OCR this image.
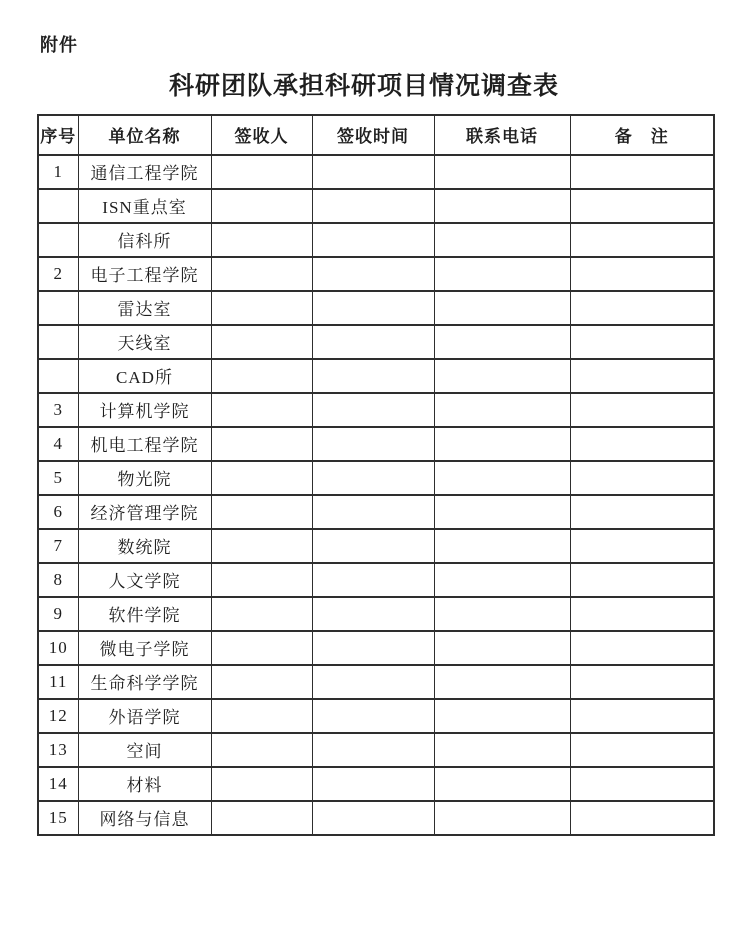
附件
科研团队承担科研项目情况调查表
序号	单位名称	签收人	签收时间	联系电话	备　注
1	通信工程学院				
	ISN重点室				
	信科所				
2	电子工程学院				
	雷达室				
	天线室				
	CAD所				
3	计算机学院				
4	机电工程学院				
5	物光院				
6	经济管理学院				
7	数统院				
8	人文学院				
9	软件学院				
10	微电子学院				
11	生命科学学院				
12	外语学院				
13	空间				
14	材料				
15	网络与信息				
